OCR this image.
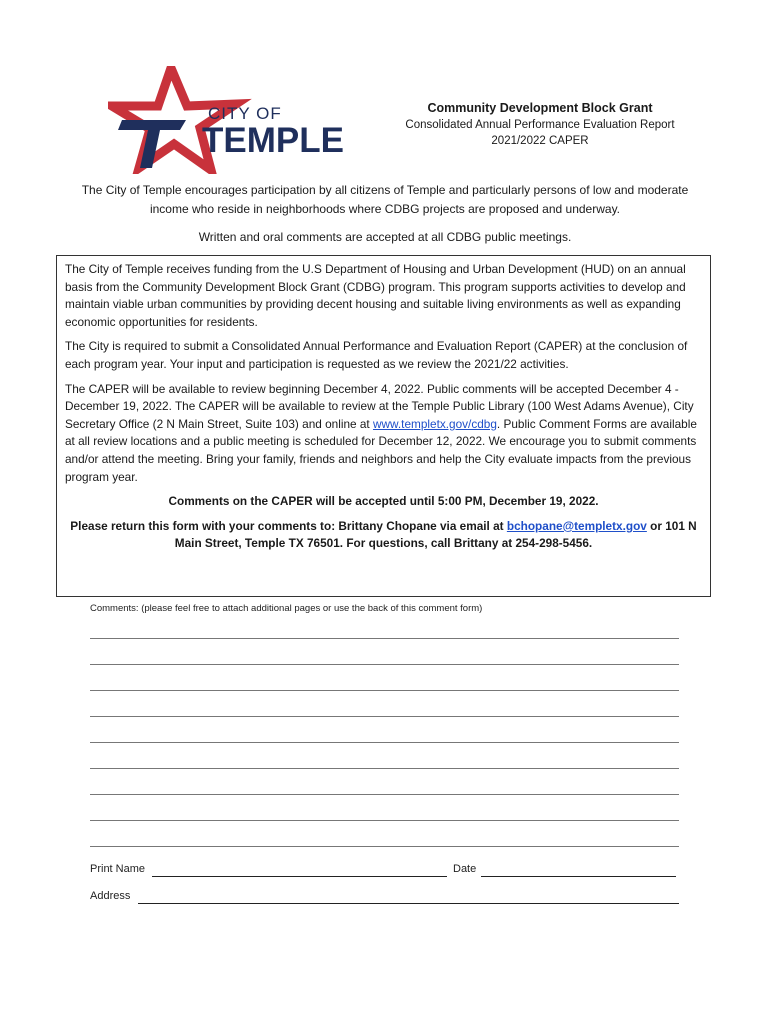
CITY OF
TEMPLE
Community Development Block Grant
Consolidated Annual Performance Evaluation Report
2021/2022 CAPER
The City of Temple encourages participation by all citizens of Temple and particularly persons of low and moderate income who reside in neighborhoods where CDBG projects are proposed and underway.
Written and oral comments are accepted at all CDBG public meetings.

The City of Temple receives funding from the U.S Department of Housing and Urban Development (HUD) on an annual basis from the Community Development Block Grant (CDBG) program. This program supports activities to develop and maintain viable urban communities by providing decent housing and suitable living environments as well as expanding economic opportunities for residents.

The City is required to submit a Consolidated Annual Performance and Evaluation Report (CAPER) at the conclusion of each program year. Your input and participation is requested as we review the 2021/22 activities.

The CAPER will be available to review beginning December 4, 2022. Public comments will be accepted December 4 - December 19, 2022. The CAPER will be available to review at the Temple Public Library (100 West Adams Avenue), City Secretary Office (2 N Main Street, Suite 103) and online at www.templetx.gov/cdbg. Public Comment Forms are available at all review locations and a public meeting is scheduled for December 12, 2022. We encourage you to submit comments and/or attend the meeting. Bring your family, friends and neighbors and help the City evaluate impacts from the previous program year.

Comments on the CAPER will be accepted until 5:00 PM, December 19, 2022.

Please return this form with your comments to: Brittany Chopane via email at bchopane@templetx.gov or 101 N Main Street, Temple TX 76501. For questions, call Brittany at 254-298-5456.

Comments: (please feel free to attach additional pages or use the back of this comment form)
Print Name	Date
Address
